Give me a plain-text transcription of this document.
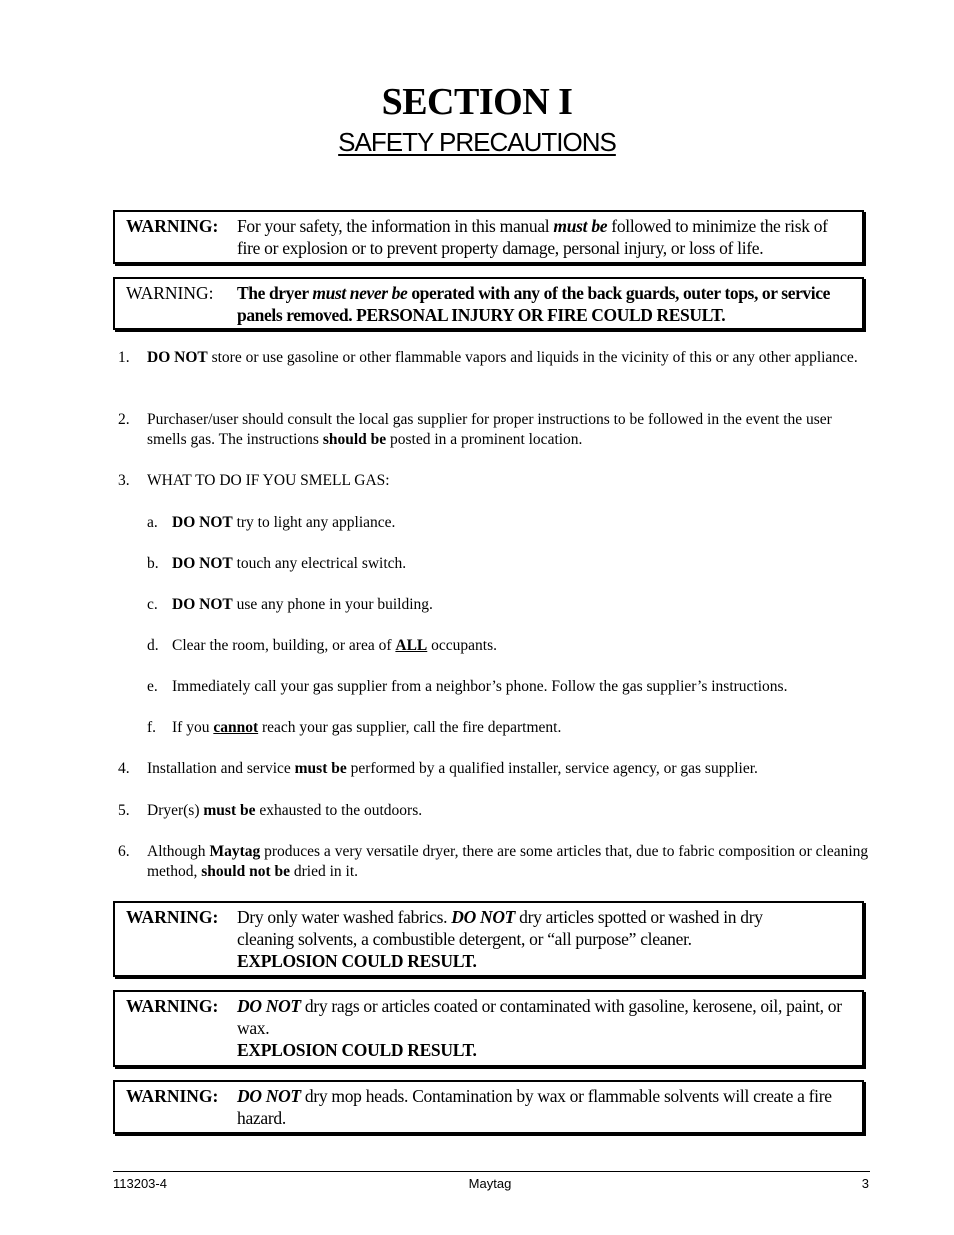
SECTION I
SAFETY PRECAUTIONS
WARNING: For your safety, the information in this manual must be followed to minimize the risk of fire or explosion or to prevent property damage, personal injury, or loss of life.
WARNING: The dryer must never be operated with any of the back guards, outer tops, or service panels removed. PERSONAL INJURY OR FIRE COULD RESULT.
1. DO NOT store or use gasoline or other flammable vapors and liquids in the vicinity of this or any other appliance.
2. Purchaser/user should consult the local gas supplier for proper instructions to be followed in the event the user smells gas. The instructions should be posted in a prominent location.
3. WHAT TO DO IF YOU SMELL GAS:
a. DO NOT try to light any appliance.
b. DO NOT touch any electrical switch.
c. DO NOT use any phone in your building.
d. Clear the room, building, or area of ALL occupants.
e. Immediately call your gas supplier from a neighbor’s phone. Follow the gas supplier’s instructions.
f. If you cannot reach your gas supplier, call the fire department.
4. Installation and service must be performed by a qualified installer, service agency, or gas supplier.
5. Dryer(s) must be exhausted to the outdoors.
6. Although Maytag produces a very versatile dryer, there are some articles that, due to fabric composition or cleaning method, should not be dried in it.
WARNING: Dry only water washed fabrics. DO NOT dry articles spotted or washed in dry cleaning solvents, a combustible detergent, or “all purpose” cleaner.
EXPLOSION COULD RESULT.
WARNING: DO NOT dry rags or articles coated or contaminated with gasoline, kerosene, oil, paint, or wax.
EXPLOSION COULD RESULT.
WARNING: DO NOT dry mop heads. Contamination by wax or flammable solvents will create a fire hazard.
113203-4	Maytag	3
